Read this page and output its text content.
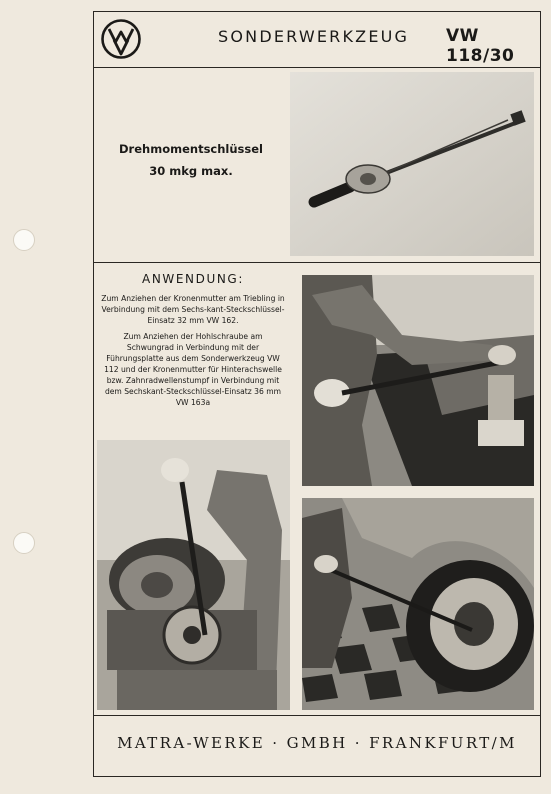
SONDERWERKZEUG VW 118/30
Drehmomentschlüssel
30 mkg max.
ANWENDUNG:

Zum Anziehen der Kronenmutter am Triebling in Verbindung mit dem Sechs-kant-Steckschlüssel-Einsatz 32 mm VW 162.

Zum Anziehen der Hohlschraube am Schwungrad in Verbindung mit der Führungsplatte aus dem Sonderwerkzeug VW 112 und der Kronenmutter für Hinterachswelle bzw. Zahnradwellenstumpf in Verbindung mit dem Sechskant-Steckschlüssel-Einsatz 36 mm VW 163a

MATRA-WERKE · GMBH · FRANKFURT/M
